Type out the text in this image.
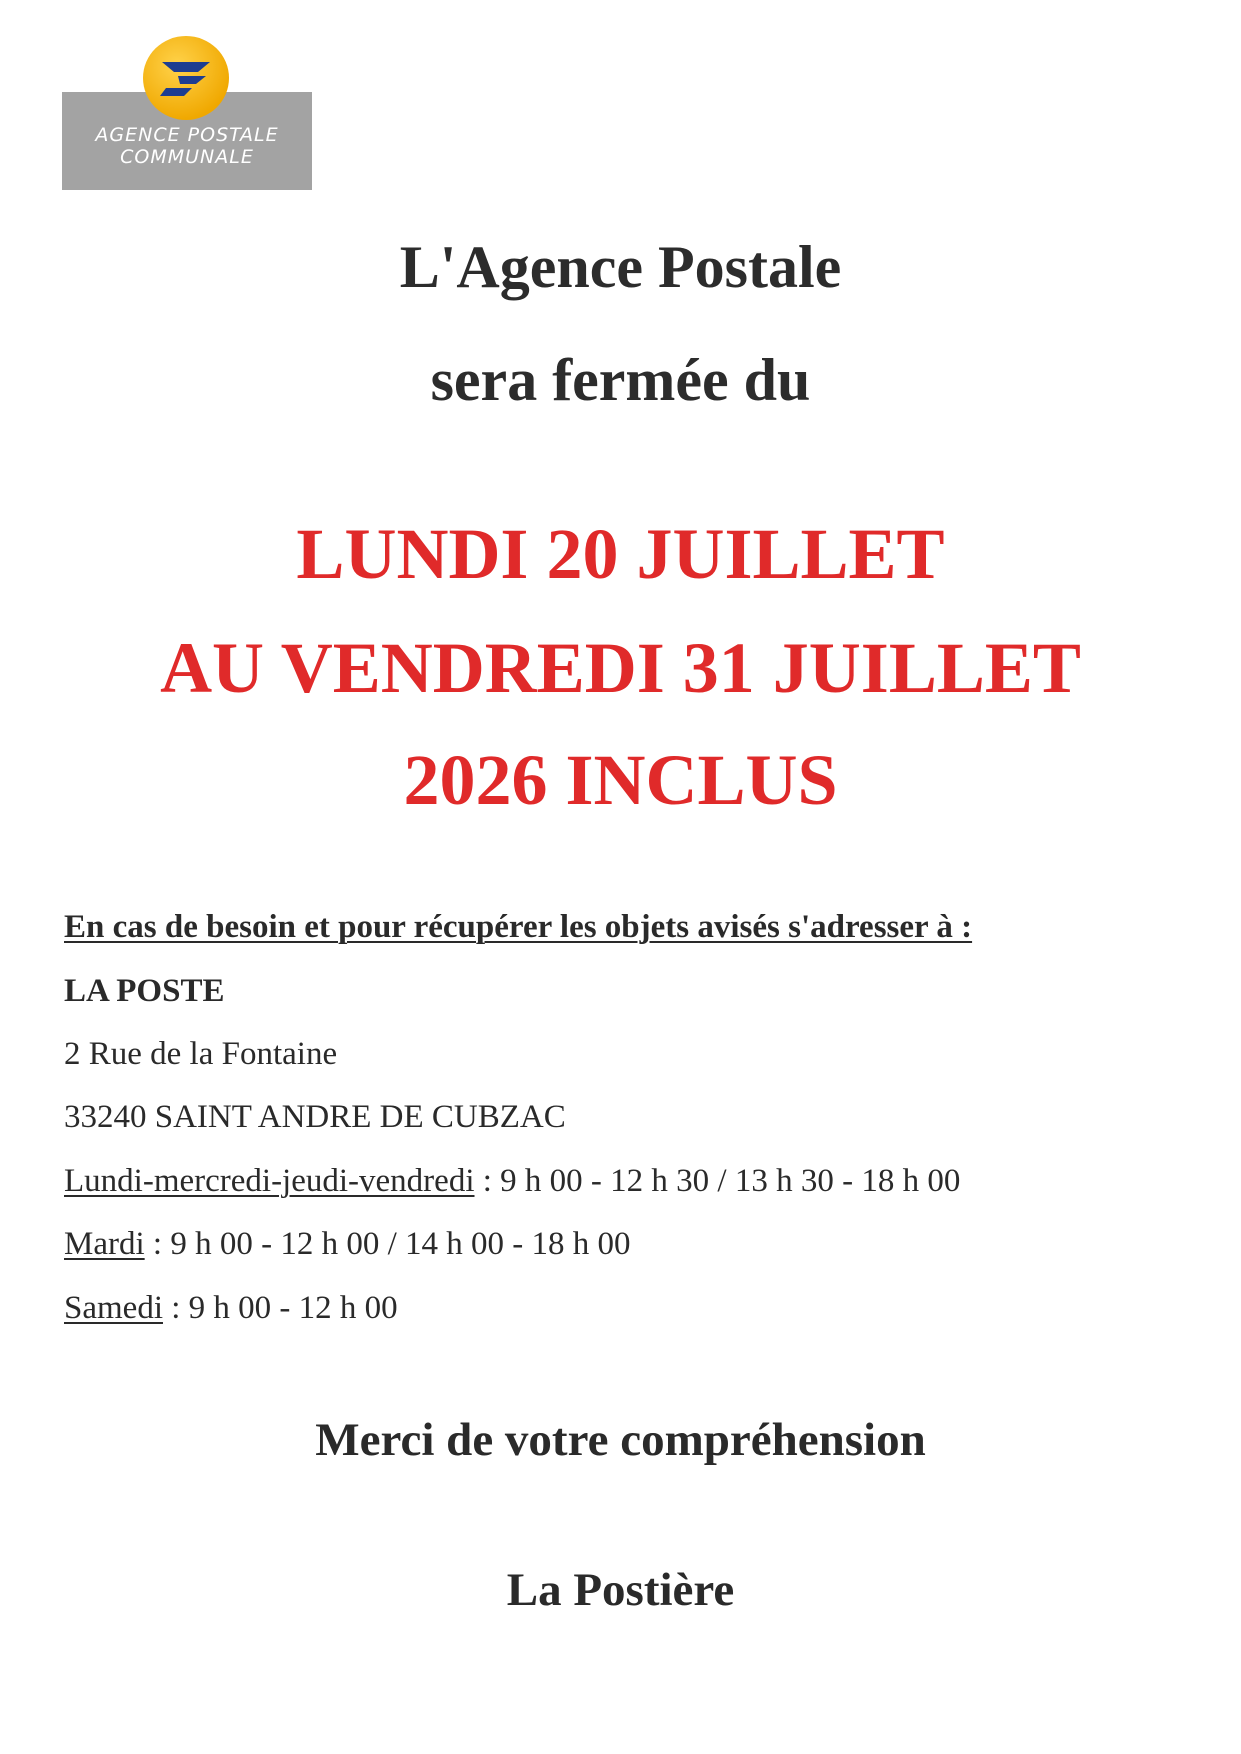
AGENCE POSTALE
COMMUNALE
L'Agence Postale
sera fermée du
LUNDI 20 JUILLET
AU VENDREDI 31 JUILLET
2026 INCLUS
En cas de besoin et pour récupérer les objets avisés s'adresser à :
LA POSTE
2 Rue de la Fontaine
33240 SAINT ANDRE DE CUBZAC
Lundi-mercredi-jeudi-vendredi : 9 h 00 - 12 h 30 / 13 h 30 - 18 h 00
Mardi : 9 h 00 - 12 h 00 / 14 h 00 - 18 h 00
Samedi : 9 h 00 - 12 h 00
Merci de votre compréhension
La Postière
